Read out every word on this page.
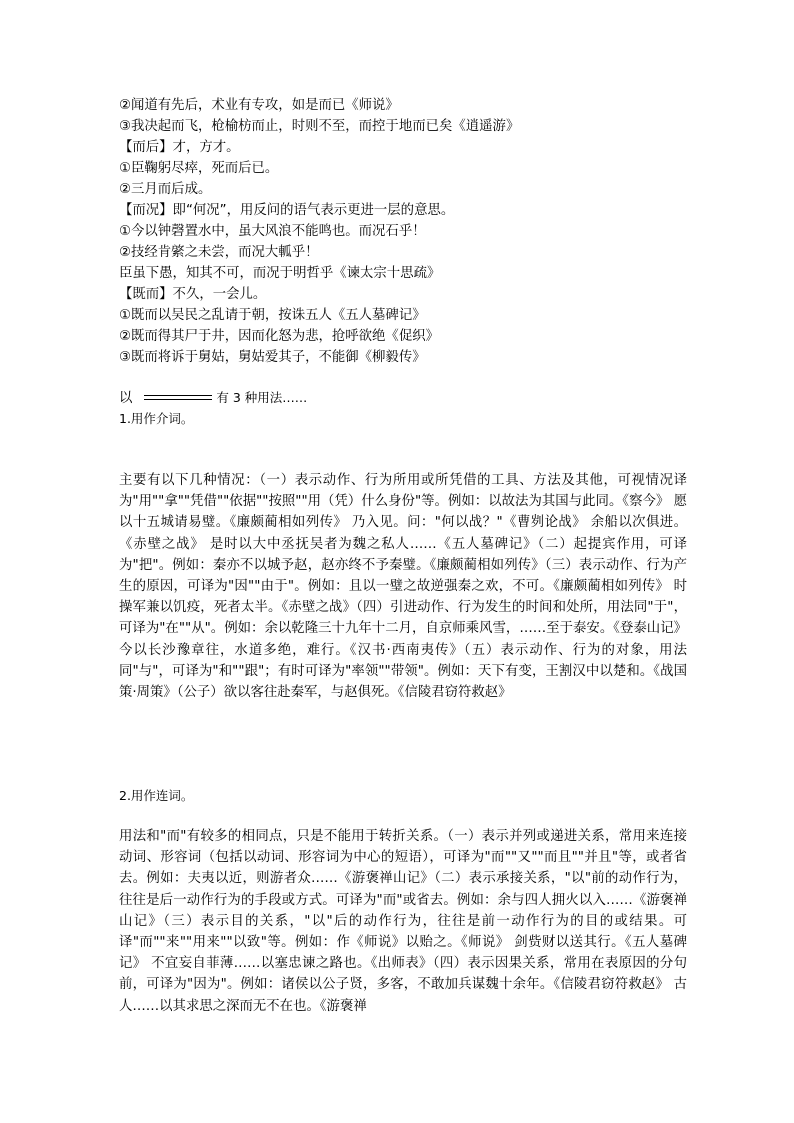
②闻道有先后，术业有专攻，如是而已《师说》
③我决起而飞，枪榆枋而止，时则不至，而控于地而已矣《逍遥游》
【而后】才，方才。
①臣鞠躬尽瘁，死而后已。
②三月而后成。
【而况】即“何况”，用反问的语气表示更进一层的意思。
①今以钟磬置水中，虽大风浪不能鸣也。而况石乎！
②技经肯綮之未尝，而况大軱乎！
臣虽下愚，知其不可，而况于明哲乎《谏太宗十思疏》
【既而】不久，一会儿。
①既而以吴民之乱请于朝，按诛五人《五人墓碑记》
②既而得其尸于井，因而化怒为悲，抢呼欲绝《促织》
③既而将诉于舅姑，舅姑爱其子，不能御《柳毅传》
以	有 3 种用法……
1.用作介词。

主要有以下几种情况：（一）表示动作、行为所用或所凭借的工具、方法及其他，可视情况译为"用""拿""凭借""依据""按照""用（凭）什么身份"等。例如：以故法为其国与此同。《察今》 愿以十五城请易璧。《廉颇蔺相如列传》 乃入见。问："何以战？"《曹刿论战》 余船以次俱进。《赤壁之战》 是时以大中丞抚吴者为魏之私人……《五人墓碑记》（二）起提宾作用，可译为"把"。例如：秦亦不以城予赵，赵亦终不予秦璧。《廉颇蔺相如列传》（三）表示动作、行为产生的原因，可译为"因""由于"。例如：且以一璧之故逆强秦之欢，不可。《廉颇蔺相如列传》 时操军兼以饥疫，死者太半。《赤壁之战》（四）引进动作、行为发生的时间和处所，用法同"于"，可译为"在""从"。例如：余以乾隆三十九年十二月，自京师乘风雪，……至于泰安。《登泰山记》 今以长沙豫章往，水道多绝，难行。《汉书·西南夷传》（五）表示动作、行为的对象，用法同"与"，可译为"和""跟"；有时可译为"率领""带领"。例如：天下有变，王割汉中以楚和。《战国策·周策》（公子）欲以客往赴秦军，与赵俱死。《信陵君窃符救赵》

2.用作连词。

用法和"而"有较多的相同点，只是不能用于转折关系。（一）表示并列或递进关系，常用来连接动词、形容词（包括以动词、形容词为中心的短语），可译为"而""又""而且""并且"等，或者省去。例如：夫夷以近，则游者众……《游褒禅山记》（二）表示承接关系，"以"前的动作行为，往往是后一动作行为的手段或方式。可译为"而"或省去。例如：余与四人拥火以入……《游褒禅山记》（三）表示目的关系，"以"后的动作行为，往往是前一动作行为的目的或结果。可译"而""来""用来""以致"等。例如：作《师说》以贻之。《师说》 剑赀财以送其行。《五人墓碑记》 不宜妄自菲薄……以塞忠谏之路也。《出师表》（四）表示因果关系，常用在表原因的分句前，可译为"因为"。例如：诸侯以公子贤，多客，不敢加兵谋魏十余年。《信陵君窃符救赵》 古人……以其求思之深而无不在也。《游褒禅
